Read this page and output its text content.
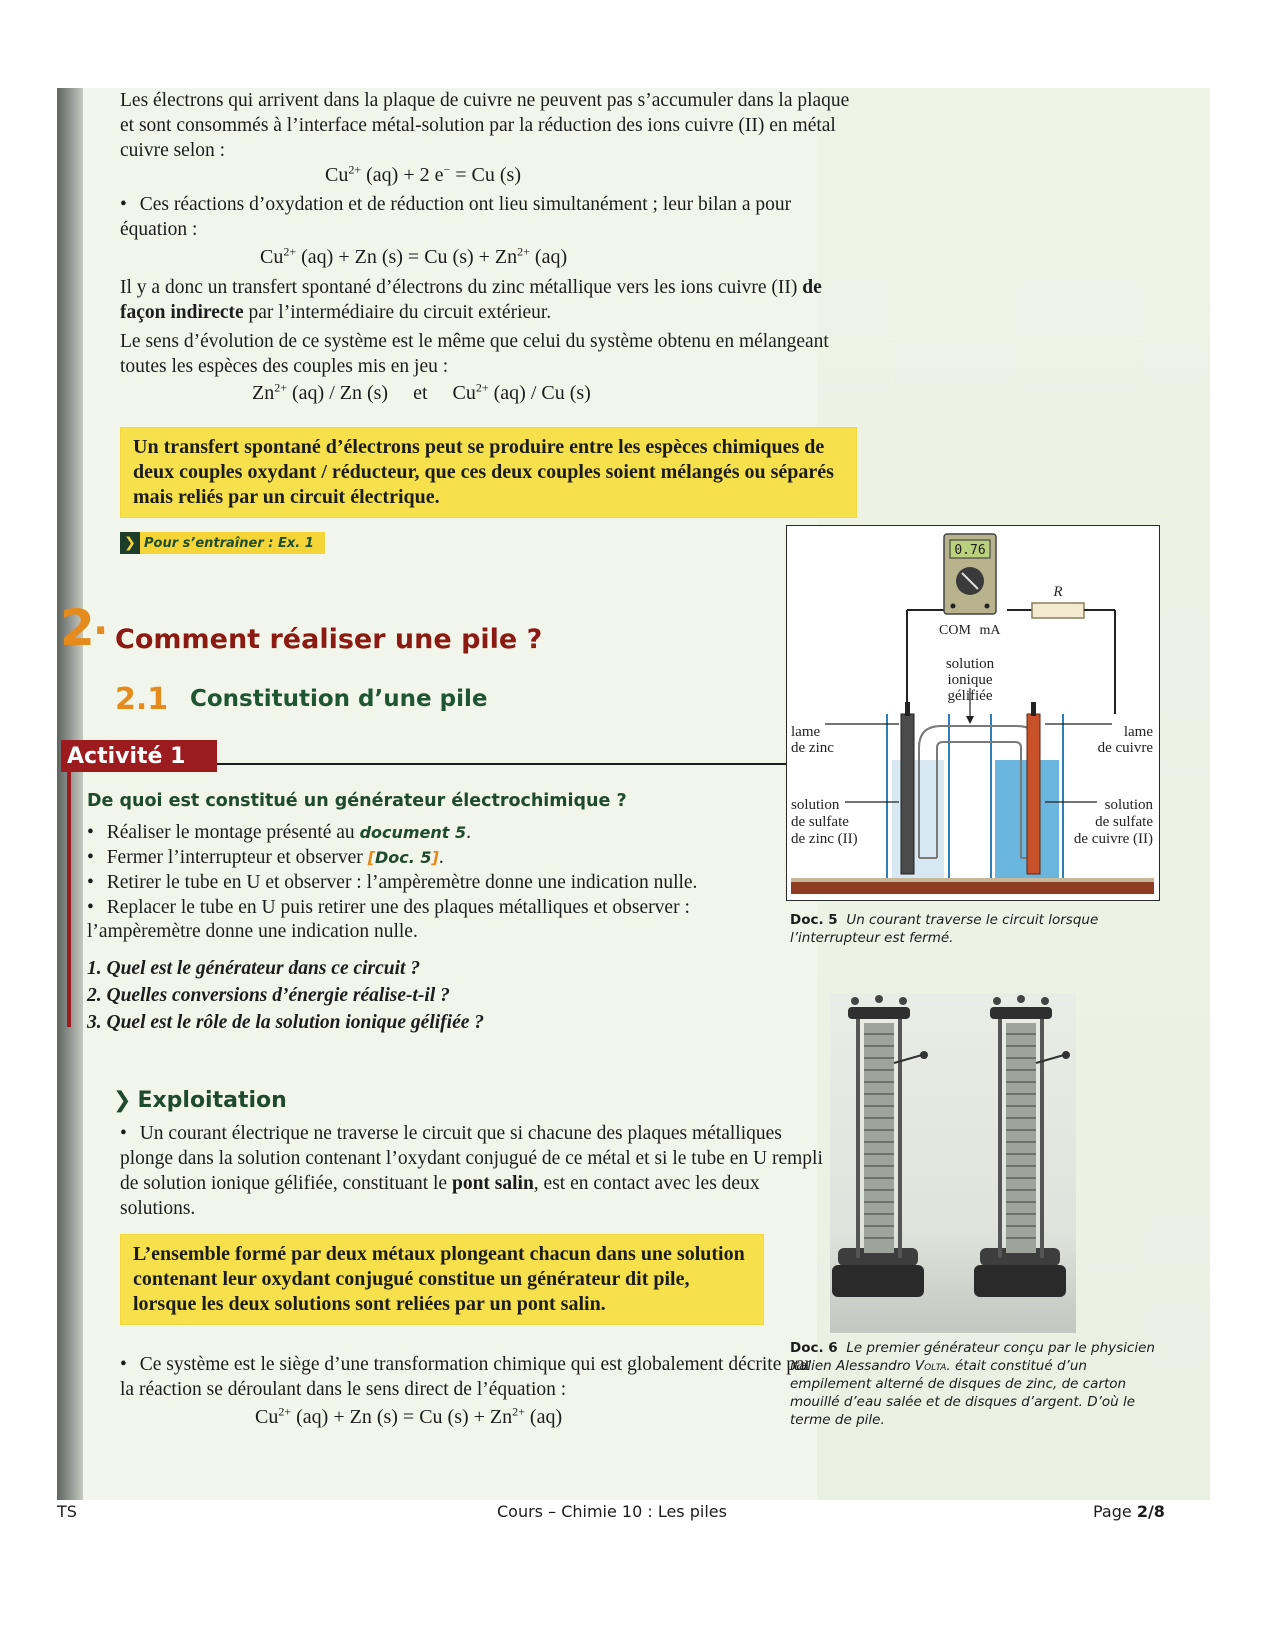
Les électrons qui arrivent dans la plaque de cuivre ne peuvent pas s’accumuler dans la plaque et sont consommés à l’interface métal-solution par la réduction des ions cuivre (II) en métal cuivre selon :
$Cu^{2+}$ (aq) + 2 e− = Cu (s)
• Ces réactions d’oxydation et de réduction ont lieu simultanément ; leur bilan a pour équation :
$Cu^{2+}$ (aq) + Zn (s) = Cu $(s) + Zn^{2+}$ (aq)
Il y a donc un transfert spontané d’électrons du zinc métallique vers les ions cuivre (II) de façon indirecte par l’intermédiaire du circuit extérieur.
Le sens d’évolution de ce système est le même que celui du système obtenu en mélangeant toutes les espèces des couples mis en jeu :
$Zn^{2+}$ (aq) / Zn (s)     et     $Cu^{2+}$ (aq) / Cu (s)
Un transfert spontané d’électrons peut se produire entre les espèces chimiques de deux couples oxydant / réducteur, que ces deux couples soient mélangés ou séparés mais reliés par un circuit électrique.
❯ Pour s’entraîner : Ex. 1
2
. Comment réaliser une pile ?
2.1 Constitution d’une pile
Activité 1
De quoi est constitué un générateur électrochimique ?
• Réaliser le montage présenté au document 5.
• Fermer l’interrupteur et observer [Doc. 5].
• Retirer le tube en U et observer : l’ampèremètre donne une indication nulle.
• Replacer le tube en U puis retirer une des plaques métalliques et observer : l’ampèremètre donne une indication nulle.
1. Quel est le générateur dans ce circuit ?
2. Quelles conversions d’énergie réalise-t-il ?
3. Quel est le rôle de la solution ionique gélifiée ?
❯ Exploitation
• Un courant électrique ne traverse le circuit que si chacune des plaques métalliques plonge dans la solution contenant l’oxydant conjugué de ce métal et si le tube en U rempli de solution ionique gélifiée, constituant le pont salin, est en contact avec les deux solutions.
L’ensemble formé par deux métaux plongeant chacun dans une solution contenant leur oxydant conjugué constitue un générateur dit pile, lorsque les deux solutions sont reliées par un pont salin.
• Ce système est le siège d’une transformation chimique qui est globalement décrite par la réaction se déroulant dans le sens direct de l’équation :
$Cu^{2+}$ (aq) + Zn (s) = Cu $(s) + Zn^{2+}$ (aq)
0.76
COM mA
R
solution
ionique
gélifiée
lame
de zinc
lame
de cuivre
solution
de sulfate
de zinc (II)
solution
de sulfate
de cuivre (II)
Doc. 5 Un courant traverse le circuit lorsque l’interrupteur est fermé.
Doc. 6 Le premier générateur conçu par le physicien italien Alessandro Volta. était constitué d’un empilement alterné de disques de zinc, de carton mouillé d’eau salée et de disques d’argent. D’où le terme de pile.
TS	Cours – Chimie 10 : Les piles	Page 2/8
